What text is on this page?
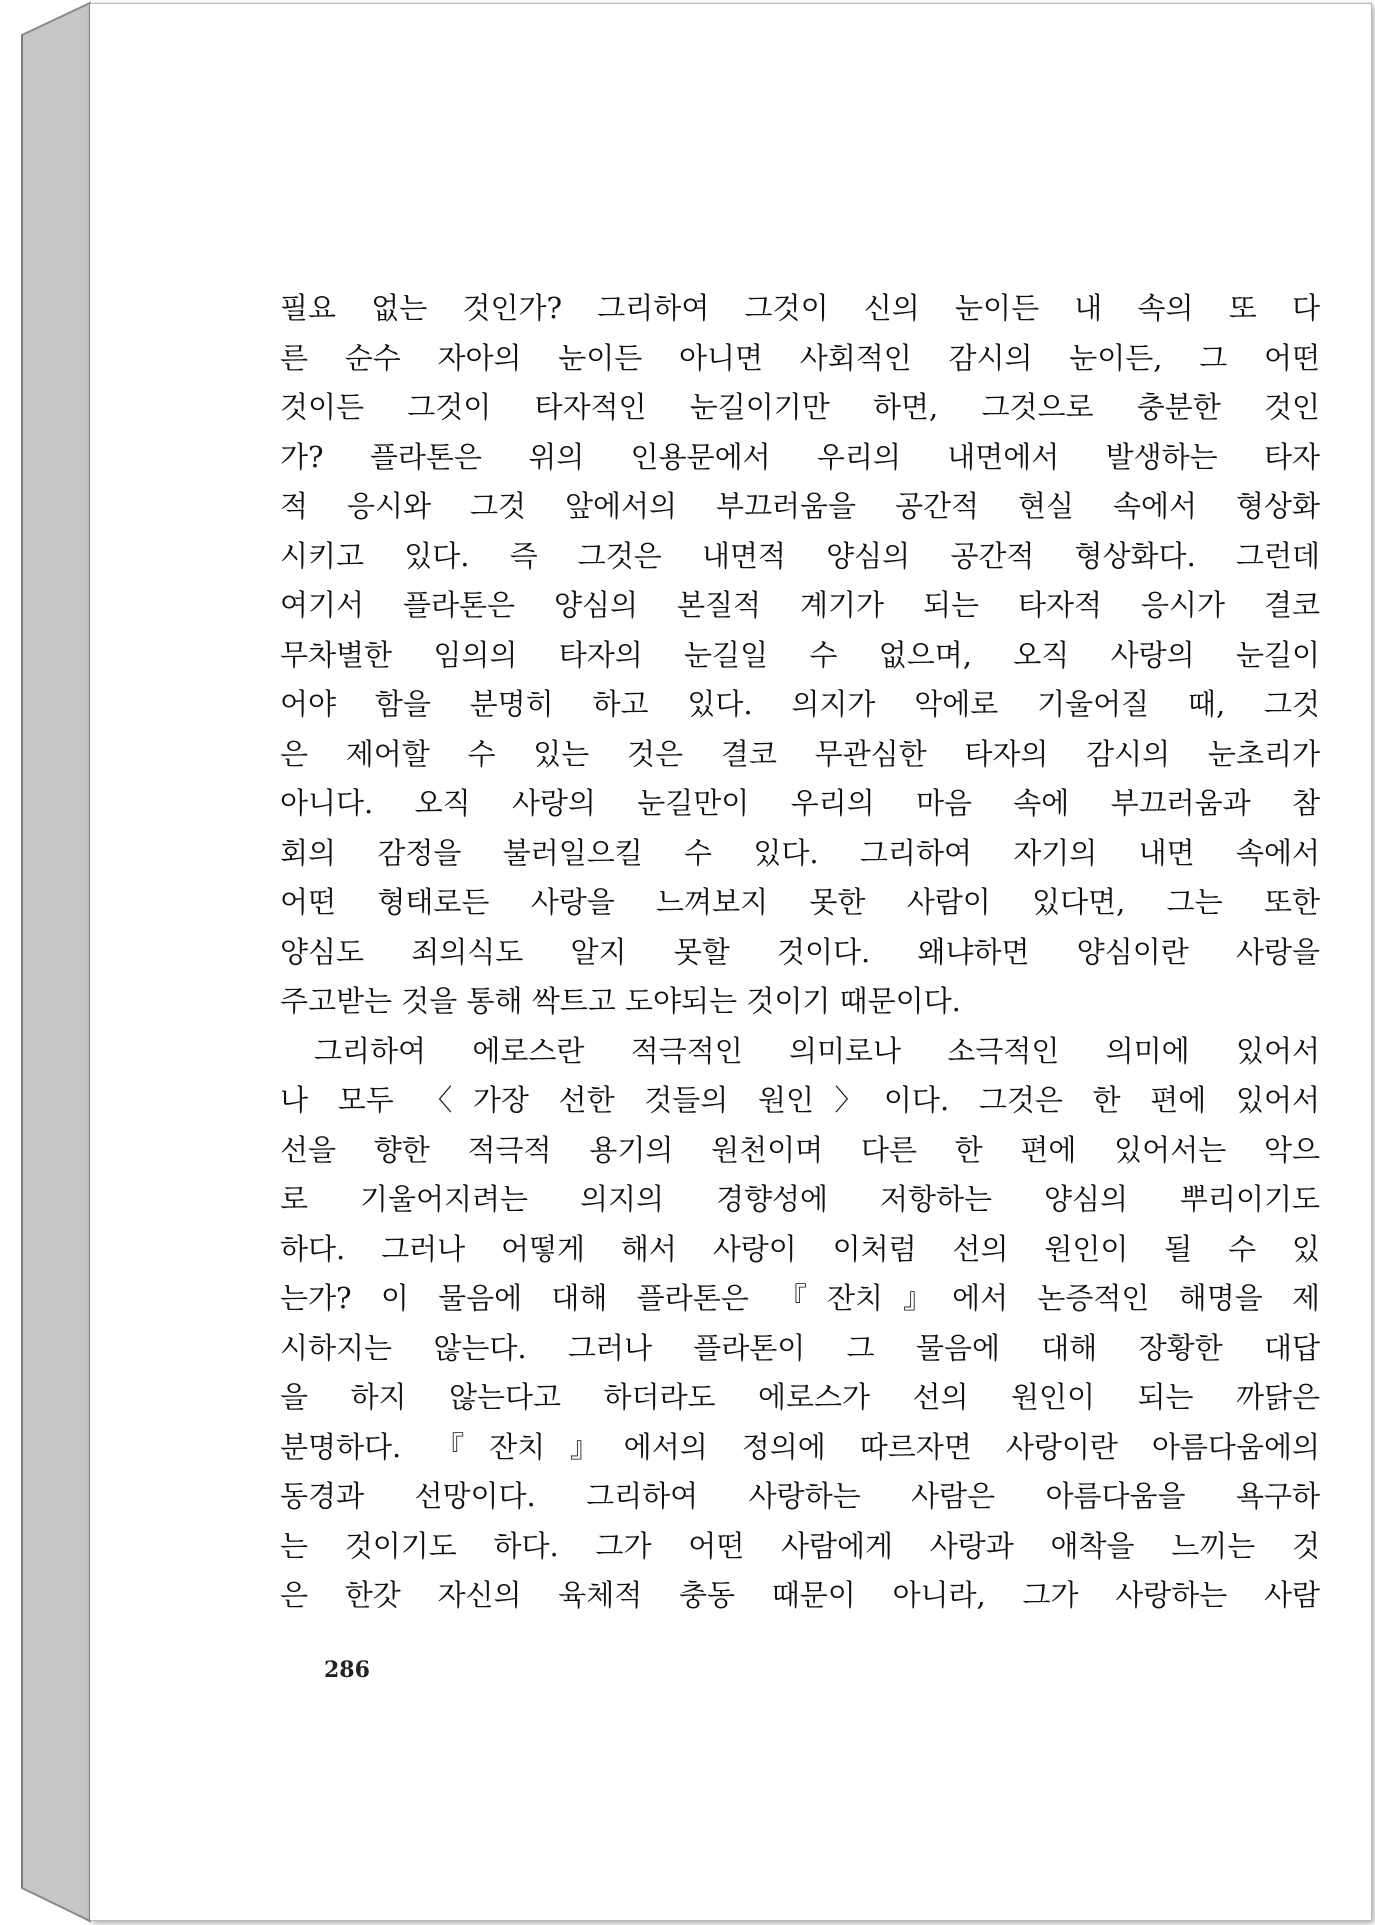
필요 없는 것인가? 그리하여 그것이 신의 눈이든 내 속의 또 다
른 순수 자아의 눈이든 아니면 사회적인 감시의 눈이든, 그 어떤
것이든 그것이 타자적인 눈길이기만 하면, 그것으로 충분한 것인
가? 플라톤은 위의 인용문에서 우리의 내면에서 발생하는 타자
적 응시와 그것 앞에서의 부끄러움을 공간적 현실 속에서 형상화
시키고 있다. 즉 그것은 내면적 양심의 공간적 형상화다. 그런데
여기서 플라톤은 양심의 본질적 계기가 되는 타자적 응시가 결코
무차별한 임의의 타자의 눈길일 수 없으며, 오직 사랑의 눈길이
어야 함을 분명히 하고 있다. 의지가 악에로 기울어질 때, 그것
은 제어할 수 있는 것은 결코 무관심한 타자의 감시의 눈초리가
아니다. 오직 사랑의 눈길만이 우리의 마음 속에 부끄러움과 참
회의 감정을 불러일으킬 수 있다. 그리하여 자기의 내면 속에서
어떤 형태로든 사랑을 느껴보지 못한 사람이 있다면, 그는 또한
양심도 죄의식도 알지 못할 것이다. 왜냐하면 양심이란 사랑을
주고받는 것을 통해 싹트고 도야되는 것이기 때문이다.
그리하여 에로스란 적극적인 의미로나 소극적인 의미에 있어서
나 모두 〈가장 선한 것들의 원인〉이다. 그것은 한 편에 있어서
선을 향한 적극적 용기의 원천이며 다른 한 편에 있어서는 악으
로 기울어지려는 의지의 경향성에 저항하는 양심의 뿌리이기도
하다. 그러나 어떻게 해서 사랑이 이처럼 선의 원인이 될 수 있
는가? 이 물음에 대해 플라톤은 『잔치』에서 논증적인 해명을 제
시하지는 않는다. 그러나 플라톤이 그 물음에 대해 장황한 대답
을 하지 않는다고 하더라도 에로스가 선의 원인이 되는 까닭은
분명하다. 『잔치』에서의 정의에 따르자면 사랑이란 아름다움에의
동경과 선망이다. 그리하여 사랑하는 사람은 아름다움을 욕구하
는 것이기도 하다. 그가 어떤 사람에게 사랑과 애착을 느끼는 것
은 한갓 자신의 육체적 충동 때문이 아니라, 그가 사랑하는 사람
286
